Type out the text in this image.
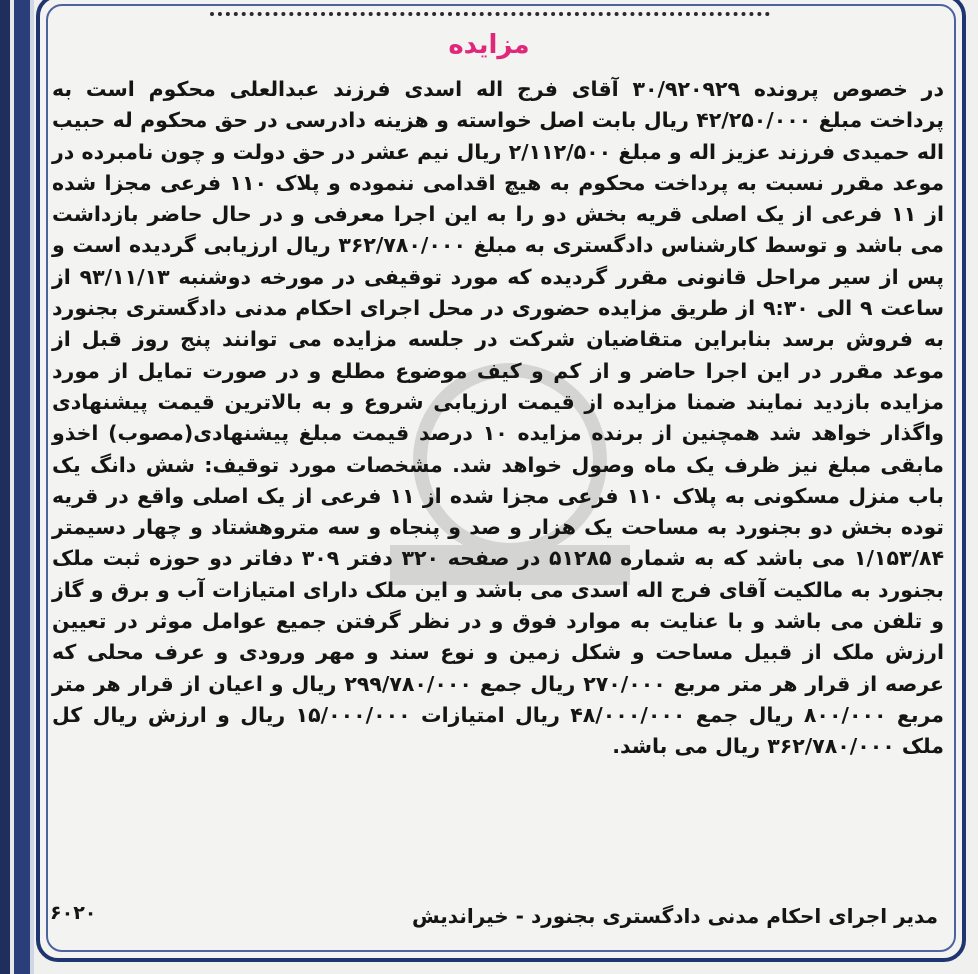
مزایده
در خصوص پرونده ۳۰/۹۲۰۹۲۹ آقای فرج اله اسدی فرزند عبدالعلی محکوم است به پرداخت مبلغ ۴۲/۲۵۰/۰۰۰ ریال بابت اصل خواسته و هزینه دادرسی در حق محکوم له حبیب اله حمیدی فرزند عزیز اله و مبلغ ۲/۱۱۲/۵۰۰ ریال نیم عشر در حق دولت و چون نامبرده در موعد مقرر نسبت به پرداخت محکوم به هیچ اقدامی ننموده و پلاک ۱۱۰ فرعی مجزا شده از ۱۱ فرعی از یک اصلی قریه بخش دو را به این اجرا معرفی و در حال حاضر بازداشت می باشد و توسط کارشناس دادگستری به مبلغ ۳۶۲/۷۸۰/۰۰۰ ریال ارزیابی گردیده است و پس از سیر مراحل قانونی مقرر گردیده که مورد توقیفی در مورخه دوشنبه ۹۳/۱۱/۱۳ از ساعت ۹ الی ۹:۳۰ از طریق مزایده حضوری در محل اجرای احکام مدنی دادگستری بجنورد به فروش برسد بنابراین متقاضیان شرکت در جلسه مزایده می توانند پنج روز قبل از موعد مقرر در این اجرا حاضر و از کم و کیف موضوع مطلع و در صورت تمایل از مورد مزایده بازدید نمایند ضمنا مزایده از قیمت ارزیابی شروع و به بالاترین قیمت پیشنهادی واگذار خواهد شد همچنین از برنده مزایده ۱۰ درصد قیمت مبلغ پیشنهادی(مصوب) اخذو مابقی مبلغ نیز ظرف یک ماه وصول خواهد شد. مشخصات مورد توقیف: شش دانگ یک باب منزل مسکونی به پلاک ۱۱۰ فرعی مجزا شده از ۱۱ فرعی از یک اصلی واقع در قریه توده بخش دو بجنورد به مساحت یک هزار و صد و پنجاه و سه متروهشتاد و چهار دسیمتر ۱/۱۵۳/۸۴ می باشد که به شماره ۵۱۲۸۵ در صفحه ۳۲۰ دفتر ۳۰۹ دفاتر دو حوزه ثبت ملک بجنورد به مالکیت آقای فرج اله اسدی می باشد و این ملک دارای امتیازات آب و برق و گاز و تلفن می باشد و با عنایت به موارد فوق و در نظر گرفتن جمیع عوامل موثر در تعیین ارزش ملک از قبیل مساحت و شکل زمین و نوع سند و مهر ورودی و عرف محلی که عرصه از قرار هر متر مربع ۲۷۰/۰۰۰ ریال جمع ۲۹۹/۷۸۰/۰۰۰ ریال و اعیان از قرار هر متر مربع ۸۰۰/۰۰۰ ریال جمع ۴۸/۰۰۰/۰۰۰ ریال امتیازات ۱۵/۰۰۰/۰۰۰ ریال و ارزش ریال کل ملک ۳۶۲/۷۸۰/۰۰۰ ریال می باشد.
مدیر اجرای احکام مدنی دادگستری بجنورد - خیراندیش
۶۰۲۰
